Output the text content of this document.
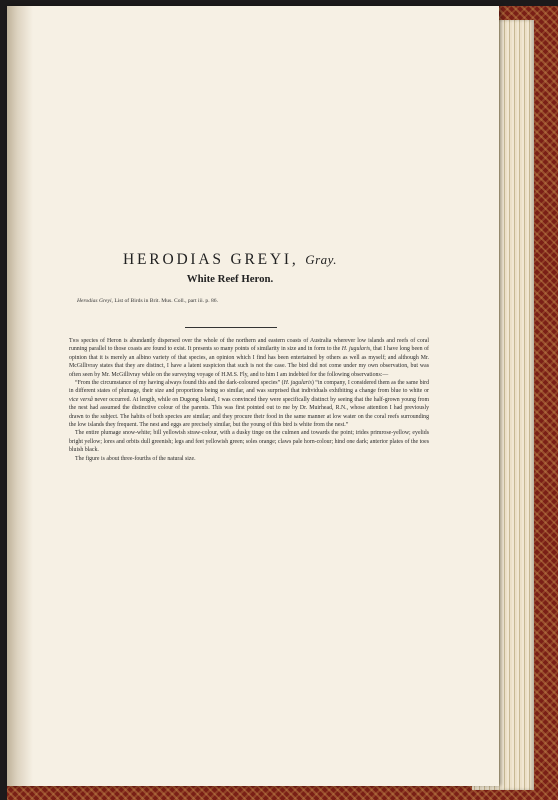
HERODIAS GREYI, Gray.
White Reef Heron.
Herodias Greyi, List of Birds in Brit. Mus. Coll., part iii. p. 86.

This species of Heron is abundantly dispersed over the whole of the northern and eastern coasts of Australia wherever low islands and reefs of coral running parallel to those coasts are found to exist. It presents so many points of similarity in size and in form to the H. jugularis, that I have long been of opinion that it is merely an albino variety of that species, an opinion which I find has been entertained by others as well as myself; and although Mr. McGillivray states that they are distinct, I have a latent suspicion that such is not the case. The bird did not come under my own observation, but was often seen by Mr. McGillivray while on the surveying voyage of H.M.S. Fly, and to him I am indebted for the following observations:—

“From the circumstance of my having always found this and the dark-coloured species” (H. jugularis) “in company, I considered them as the same bird in different states of plumage, their size and proportions being so similar, and was surprised that individuals exhibiting a change from blue to white or vice versâ never occurred. At length, while on Dugong Island, I was convinced they were specifically distinct by seeing that the half-grown young from the nest had assumed the distinctive colour of the parents. This was first pointed out to me by Dr. Muirhead, R.N., whose attention I had previously drawn to the subject. The habits of both species are similar; and they procure their food in the same manner at low water on the coral reefs surrounding the low islands they frequent. The nest and eggs are precisely similar, but the young of this bird is white from the nest.”

The entire plumage snow-white; bill yellowish straw-colour, with a dusky tinge on the culmen and towards the point; irides primrose-yellow; eyelids bright yellow; lores and orbits dull greenish; legs and feet yellowish green; soles orange; claws pale horn-colour; hind one dark; anterior plates of the toes bluish black.

The figure is about three-fourths of the natural size.
